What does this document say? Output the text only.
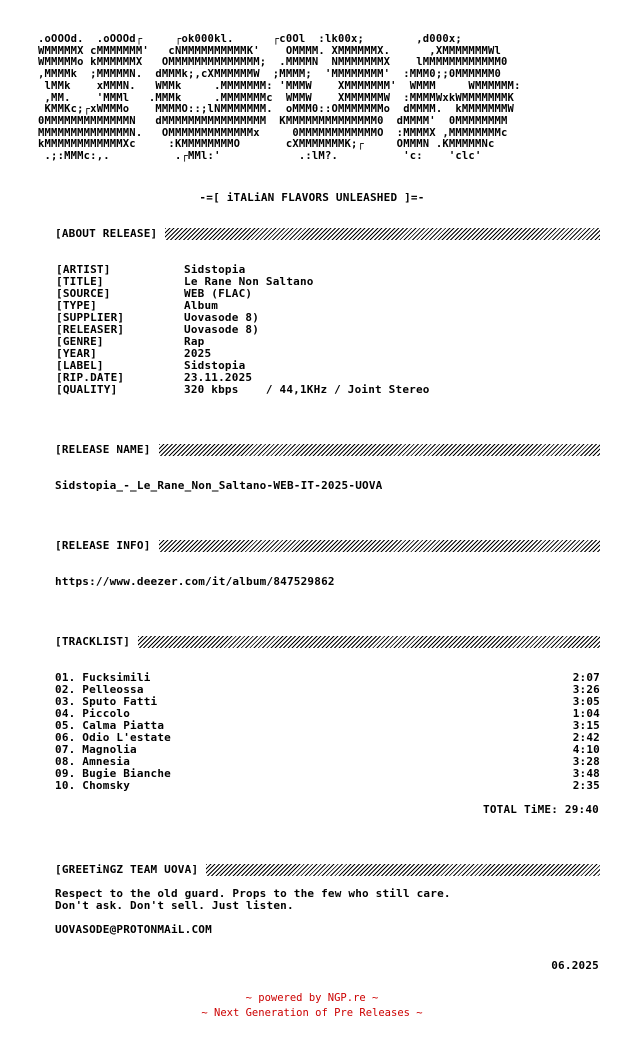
.oOOOd.  .oOOOd┌     ┌ok000kl.      ┌c0Ol  :lk00x;        ,d000x;
WMMMMMX cMMMMMMM'   cNMMMMMMMMMMK'    OMMMM. XMMMMMMX.      ,XMMMMMMMWl
WMMMMMo kMMMMMMX   OMMMMMMMMMMMMMM;  .MMMMN  NMMMMMMMX    lMMMMMMMMMMMM0
,MMMMk  ;MMMMMN.  dMMMk;,cXMMMMMMW  ;MMMM;  'MMMMMMMM'  :MMM0;;0MMMMMM0
lMMk    xMMMN.   WMMk     .MMMMMMM: 'MMMW    XMMMMMMM'  WMMM     WMMMMMM:
,MM.    'MMMl   .MMMk     .MMMMMMMc  WMMW    XMMMMMMW  :MMMMWxkWMMMMMMMK
KMMKc;┌xWMMMo    MMMMO::;lNMMMMMMM.  oMMM0::OMMMMMMMo  dMMMM.  kMMMMMMMW
0MMMMMMMMMMMMMN   dMMMMMMMMMMMMMMMM  KMMMMMMMMMMMMMM0  dMMMM'  0MMMMMMMM
MMMMMMMMMMMMMMN.   OMMMMMMMMMMMMMx     0MMMMMMMMMMMMO  :MMMMX ,MMMMMMMMc
kMMMMMMMMMMMMXc     :KMMMMMMMMO       cXMMMMMMMK;┌     OMMMN .KMMMMMNc
.;:MMMc:,.          .┌MMl:'            .:lM?.          'c:    'clc'
-=[ iTALiAN FLAVORS UNLEASHED ]=-
[ABOUT RELEASE]
[ARTIST]	Sidstopia
[TITLE]	Le Rane Non Saltano
[SOURCE]	WEB (FLAC)
[TYPE]	Album
[SUPPLIER]	Uovasode 8)
[RELEASER]	Uovasode 8)
[GENRE]	Rap
[YEAR]	2025
[LABEL]	Sidstopia
[RIP.DATE]	23.11.2025
[QUALITY]	320 kbps    / 44,1KHz / Joint Stereo
[RELEASE NAME]
Sidstopia_-_Le_Rane_Non_Saltano-WEB-IT-2025-UOVA
[RELEASE INFO]
https://www.deezer.com/it/album/847529862
[TRACKLIST]
01. Fucksimili	2:07
02. Pelleossa	3:26
03. Sputo Fatti	3:05
04. Piccolo	1:04
05. Calma Piatta	3:15
06. Odio L'estate	2:42
07. Magnolia	4:10
08. Amnesia	3:28
09. Bugie Bianche	3:48
10. Chomsky	2:35
TOTAL TiME: 29:40
[GREETiNGZ TEAM UOVA]
Respect to the old guard. Props to the few who still care.
Don't ask. Don't sell. Just listen.
UOVASODE@PROTONMAiL.COM
06.2025
~ powered by NGP.re ~
~ Next Generation of Pre Releases ~
